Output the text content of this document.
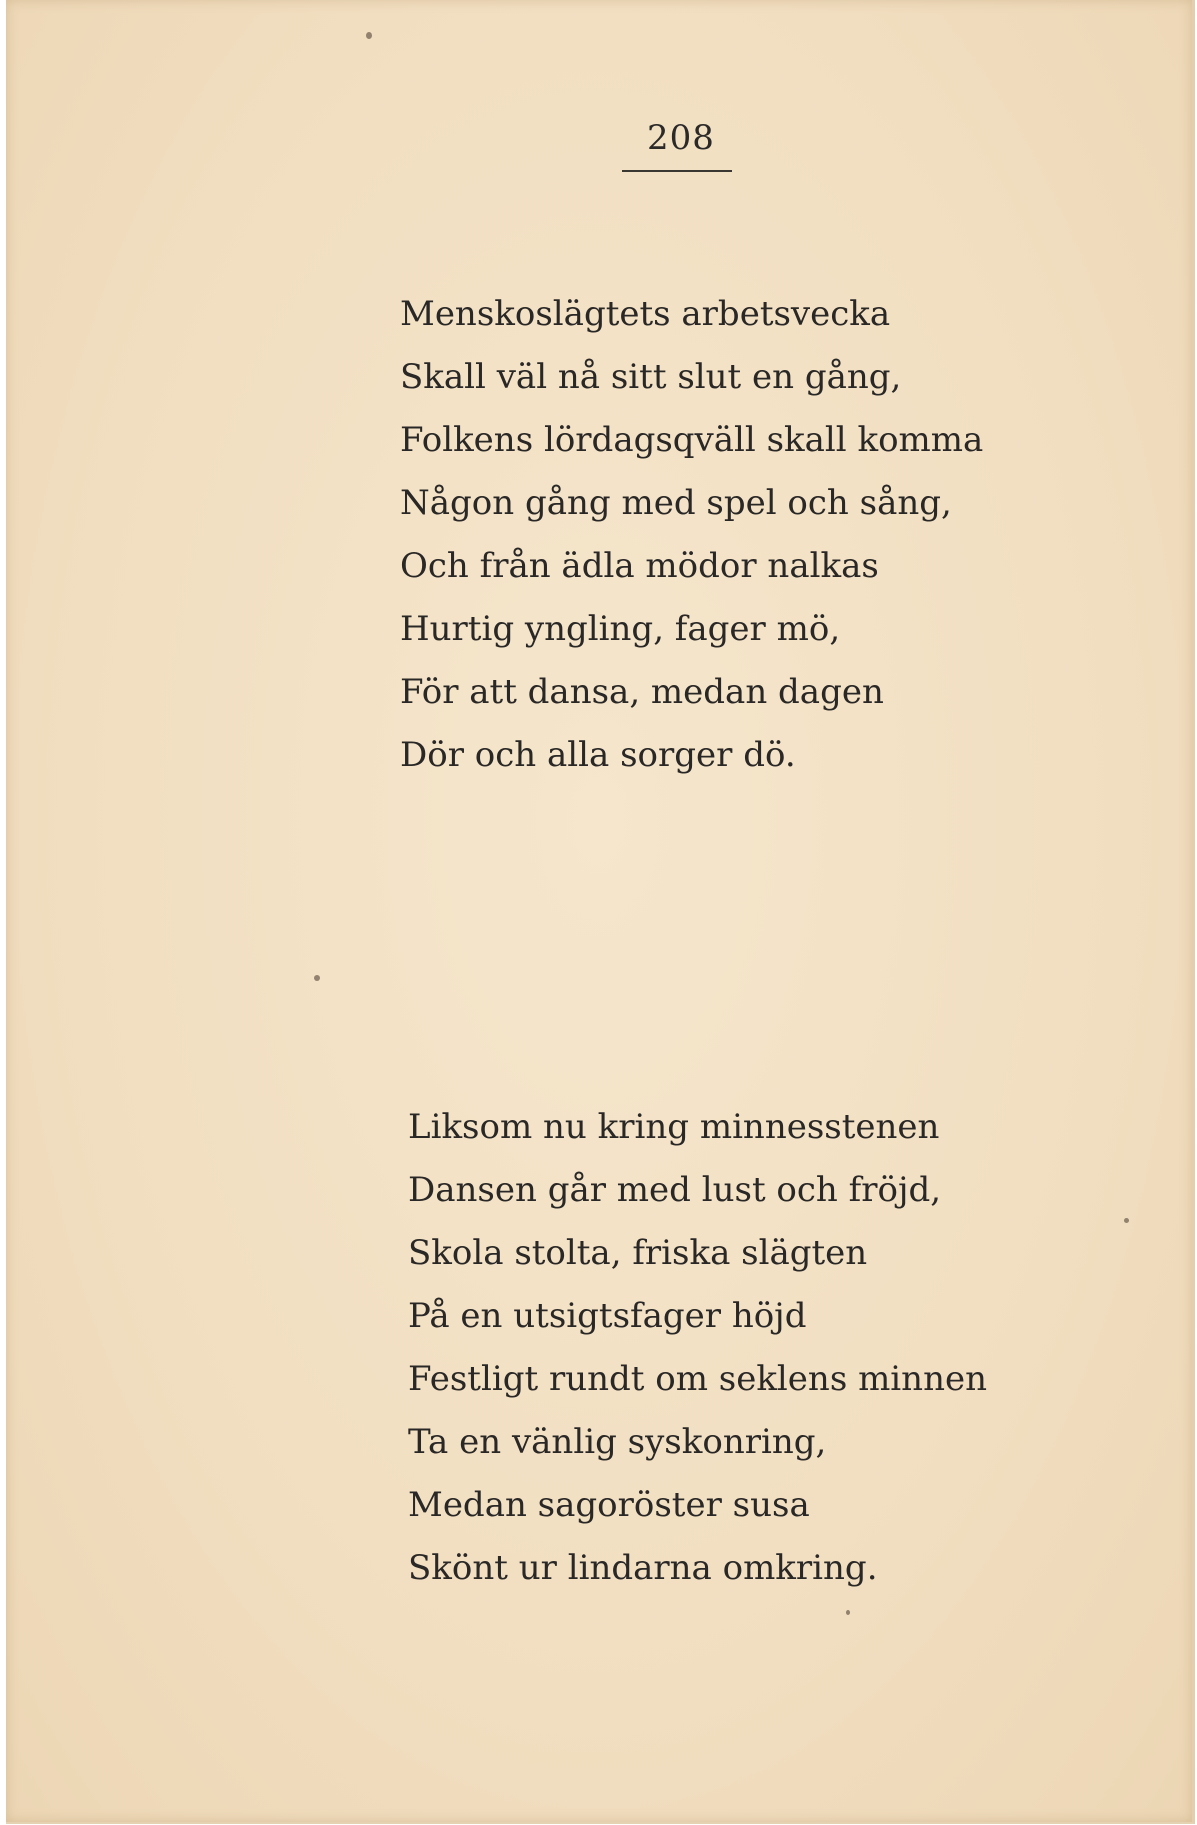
208
Menskoslägtets arbetsvecka
Skall väl nå sitt slut en gång,
Folkens lördagsqväll skall komma
Någon gång med spel och sång,
Och från ädla mödor nalkas
Hurtig yngling, fager mö,
För att dansa, medan dagen
Dör och alla sorger dö.
Liksom nu kring minnesstenen
Dansen går med lust och fröjd,
Skola stolta, friska slägten
På en utsigtsfager höjd
Festligt rundt om seklens minnen
Ta en vänlig syskonring,
Medan sagoröster susa
Skönt ur lindarna omkring.
